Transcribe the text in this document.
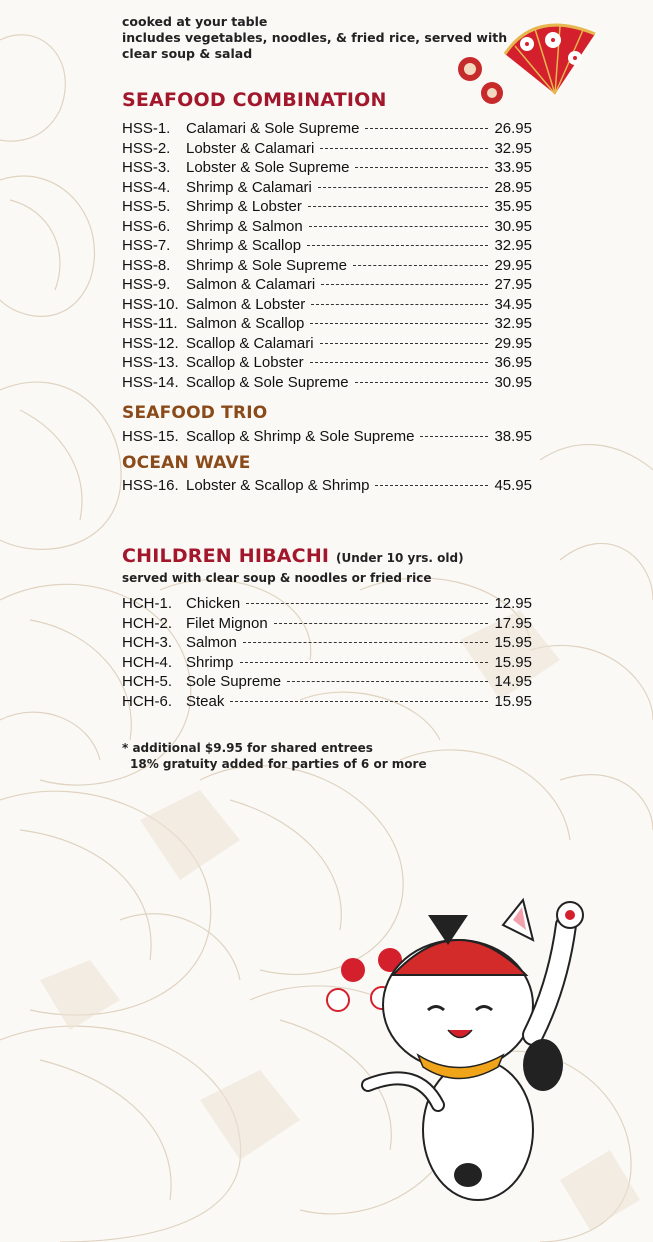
cooked at your table
includes vegetables, noodles, & fried rice, served with
clear soup & salad
SEAFOOD COMBINATION
HSS-1.	Calamari & Sole Supreme	26.95
HSS-2.	Lobster & Calamari	32.95
HSS-3.	Lobster & Sole Supreme	33.95
HSS-4.	Shrimp & Calamari	28.95
HSS-5.	Shrimp & Lobster	35.95
HSS-6.	Shrimp & Salmon	30.95
HSS-7.	Shrimp & Scallop	32.95
HSS-8.	Shrimp & Sole Supreme	29.95
HSS-9.	Salmon & Calamari	27.95
HSS-10. Salmon & Lobster	34.95
HSS-11. Salmon & Scallop	32.95
HSS-12. Scallop & Calamari	29.95
HSS-13. Scallop & Lobster	36.95
HSS-14. Scallop & Sole Supreme	30.95
SEAFOOD TRIO
HSS-15. Scallop & Shrimp & Sole Supreme	38.95
OCEAN WAVE
HSS-16. Lobster & Scallop & Shrimp	45.95
CHILDREN HIBACHI (Under 10 yrs. old)
served with clear soup & noodles or fried rice
HCH-1. Chicken	12.95
HCH-2. Filet Mignon	17.95
HCH-3. Salmon	15.95
HCH-4. Shrimp	15.95
HCH-5. Sole Supreme	14.95
HCH-6. Steak	15.95
* additional $9.95 for shared entrees
18% gratuity added for parties of 6 or more
